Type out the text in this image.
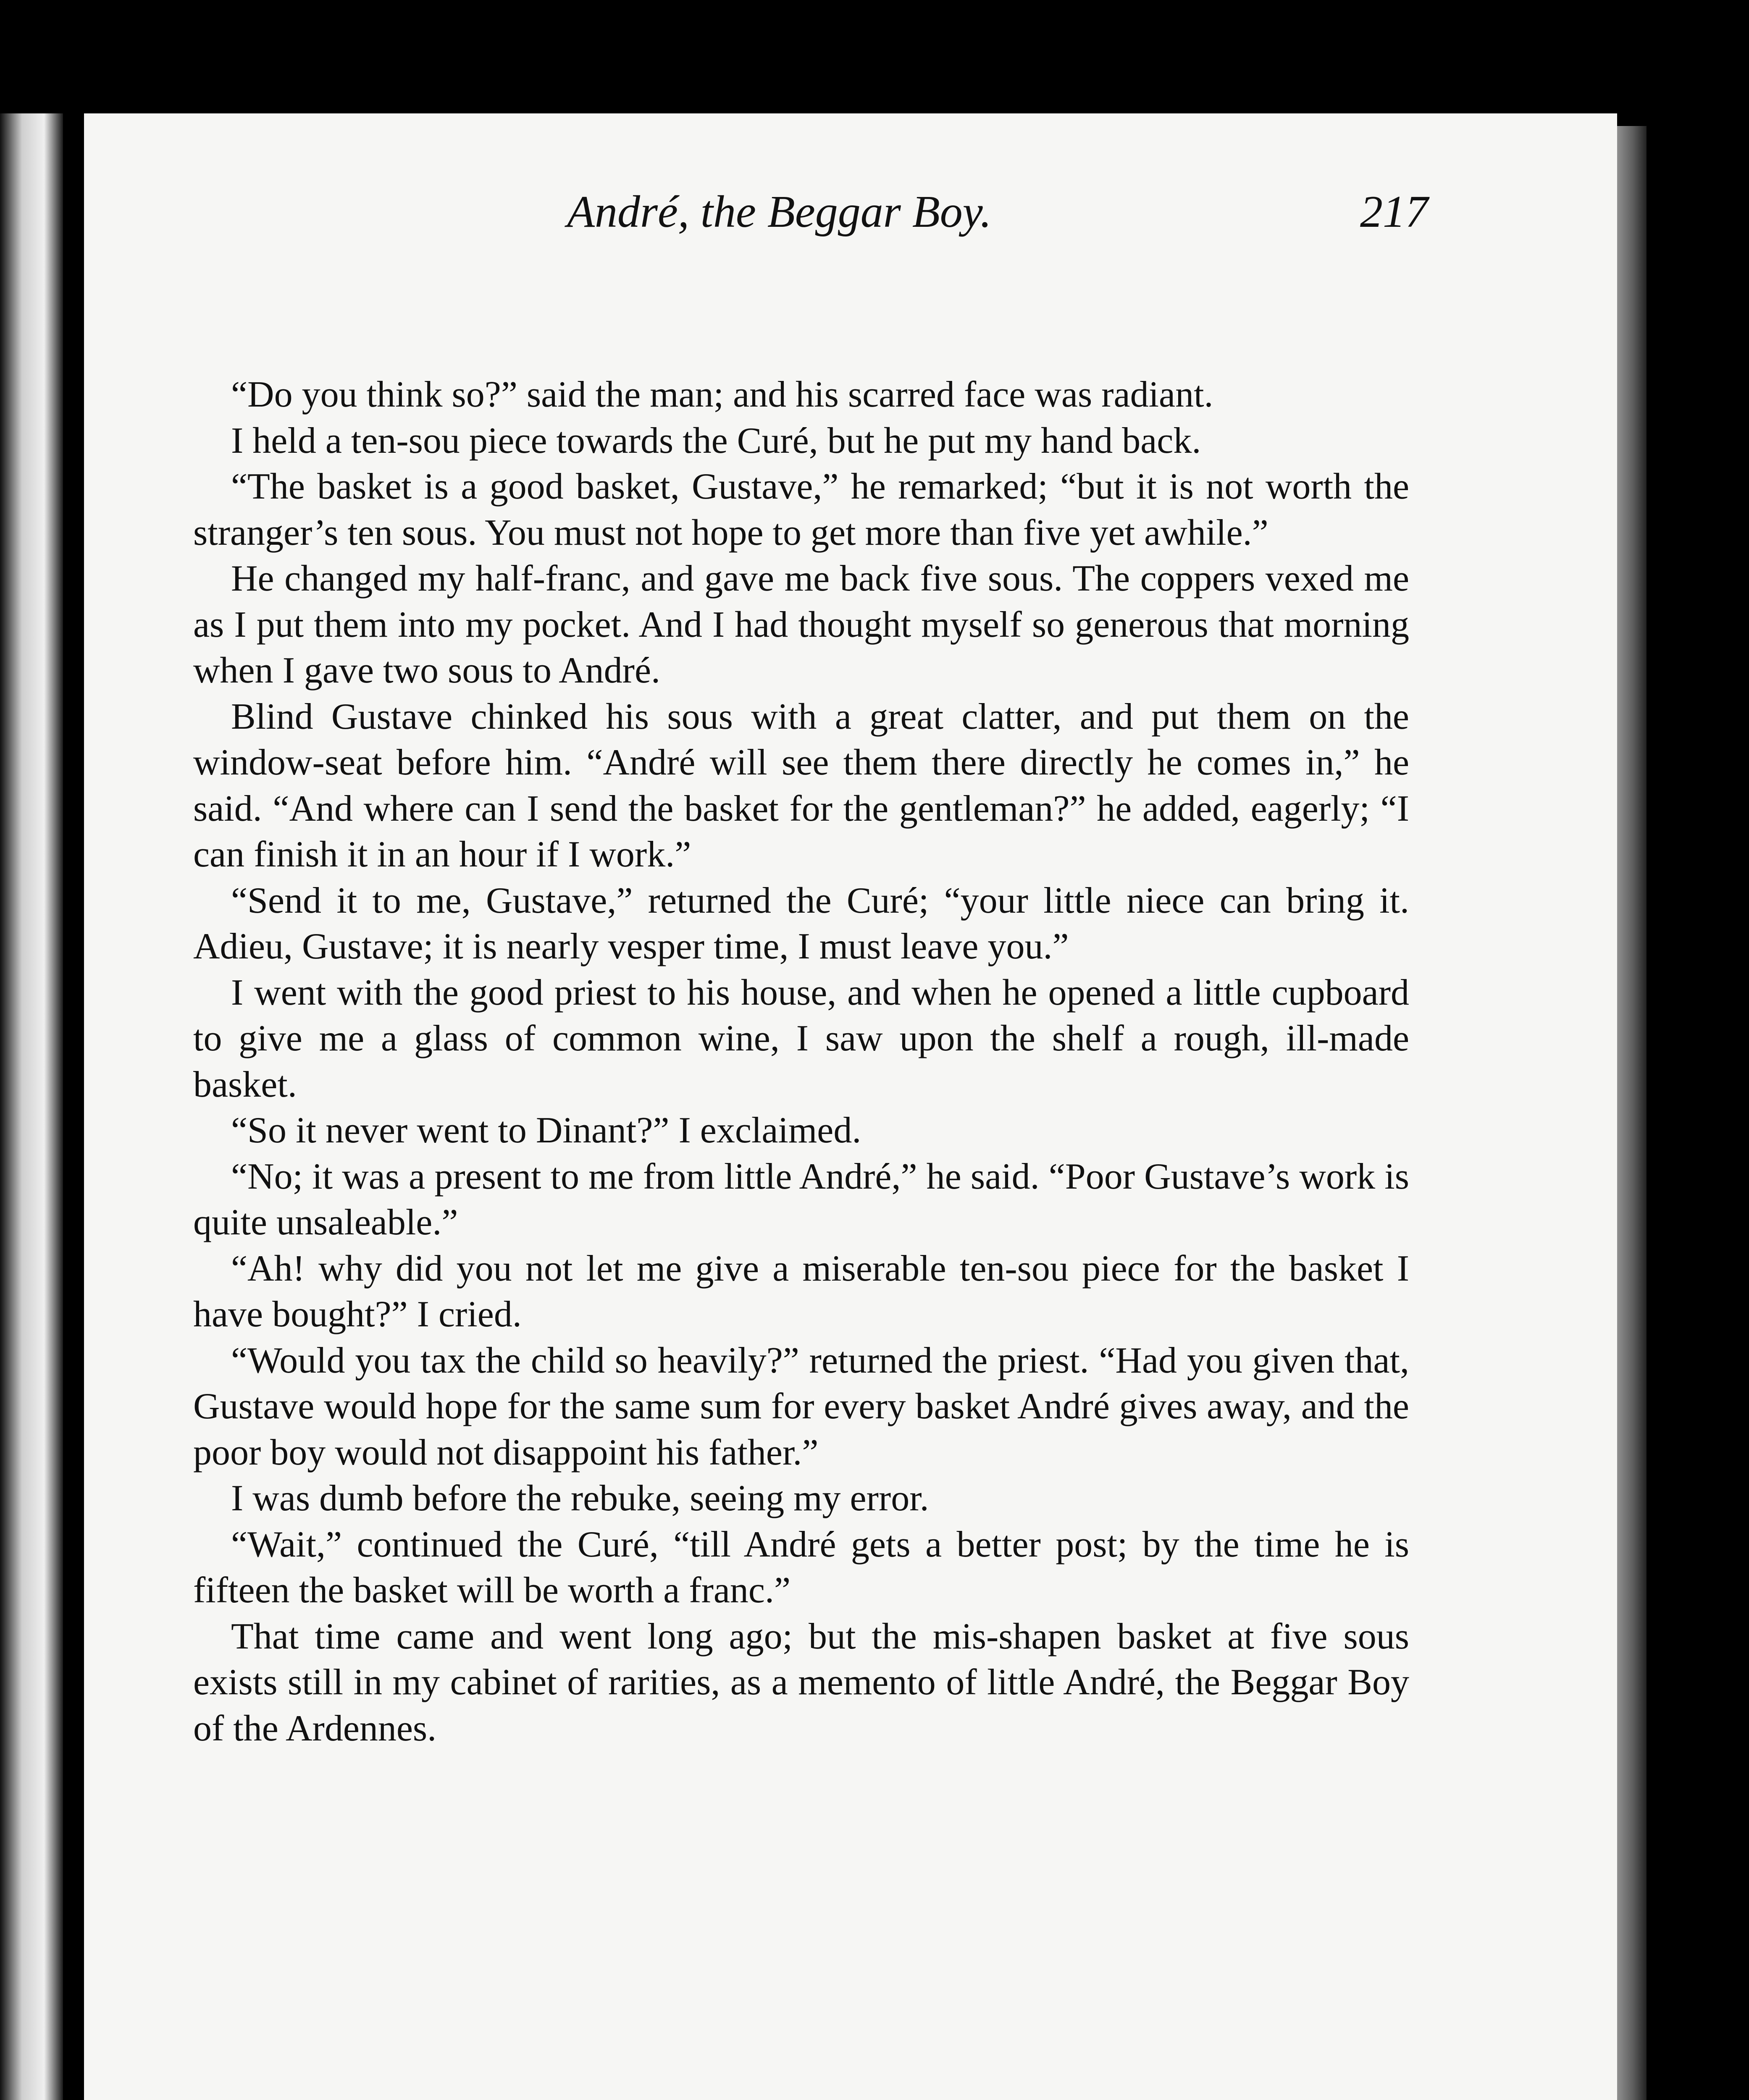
André, the Beggar Boy.	217

“Do you think so?” said the man; and his scarred face was radiant.

I held a ten-sou piece towards the Curé, but he put my hand back.

“The basket is a good basket, Gustave,” he remarked; “but it is not worth the stranger’s ten sous. You must not hope to get more than five yet awhile.”

He changed my half-franc, and gave me back five sous. The coppers vexed me as I put them into my pocket. And I had thought myself so generous that morning when I gave two sous to André.

Blind Gustave chinked his sous with a great clatter, and put them on the window-seat before him. “André will see them there directly he comes in,” he said. “And where can I send the basket for the gentleman?” he added, eagerly; “I can finish it in an hour if I work.”

“Send it to me, Gustave,” returned the Curé; “your little niece can bring it. Adieu, Gustave; it is nearly vesper time, I must leave you.”

I went with the good priest to his house, and when he opened a little cupboard to give me a glass of common wine, I saw upon the shelf a rough, ill-made basket.

“So it never went to Dinant?” I exclaimed.

“No; it was a present to me from little André,” he said. “Poor Gustave’s work is quite unsaleable.”

“Ah! why did you not let me give a miserable ten-sou piece for the basket I have bought?” I cried.

“Would you tax the child so heavily?” returned the priest. “Had you given that, Gustave would hope for the same sum for every basket André gives away, and the poor boy would not disappoint his father.”

I was dumb before the rebuke, seeing my error.

“Wait,” continued the Curé, “till André gets a better post; by the time he is fifteen the basket will be worth a franc.”

That time came and went long ago; but the mis-shapen basket at five sous exists still in my cabinet of rarities, as a memento of little André, the Beggar Boy of the Ardennes.
